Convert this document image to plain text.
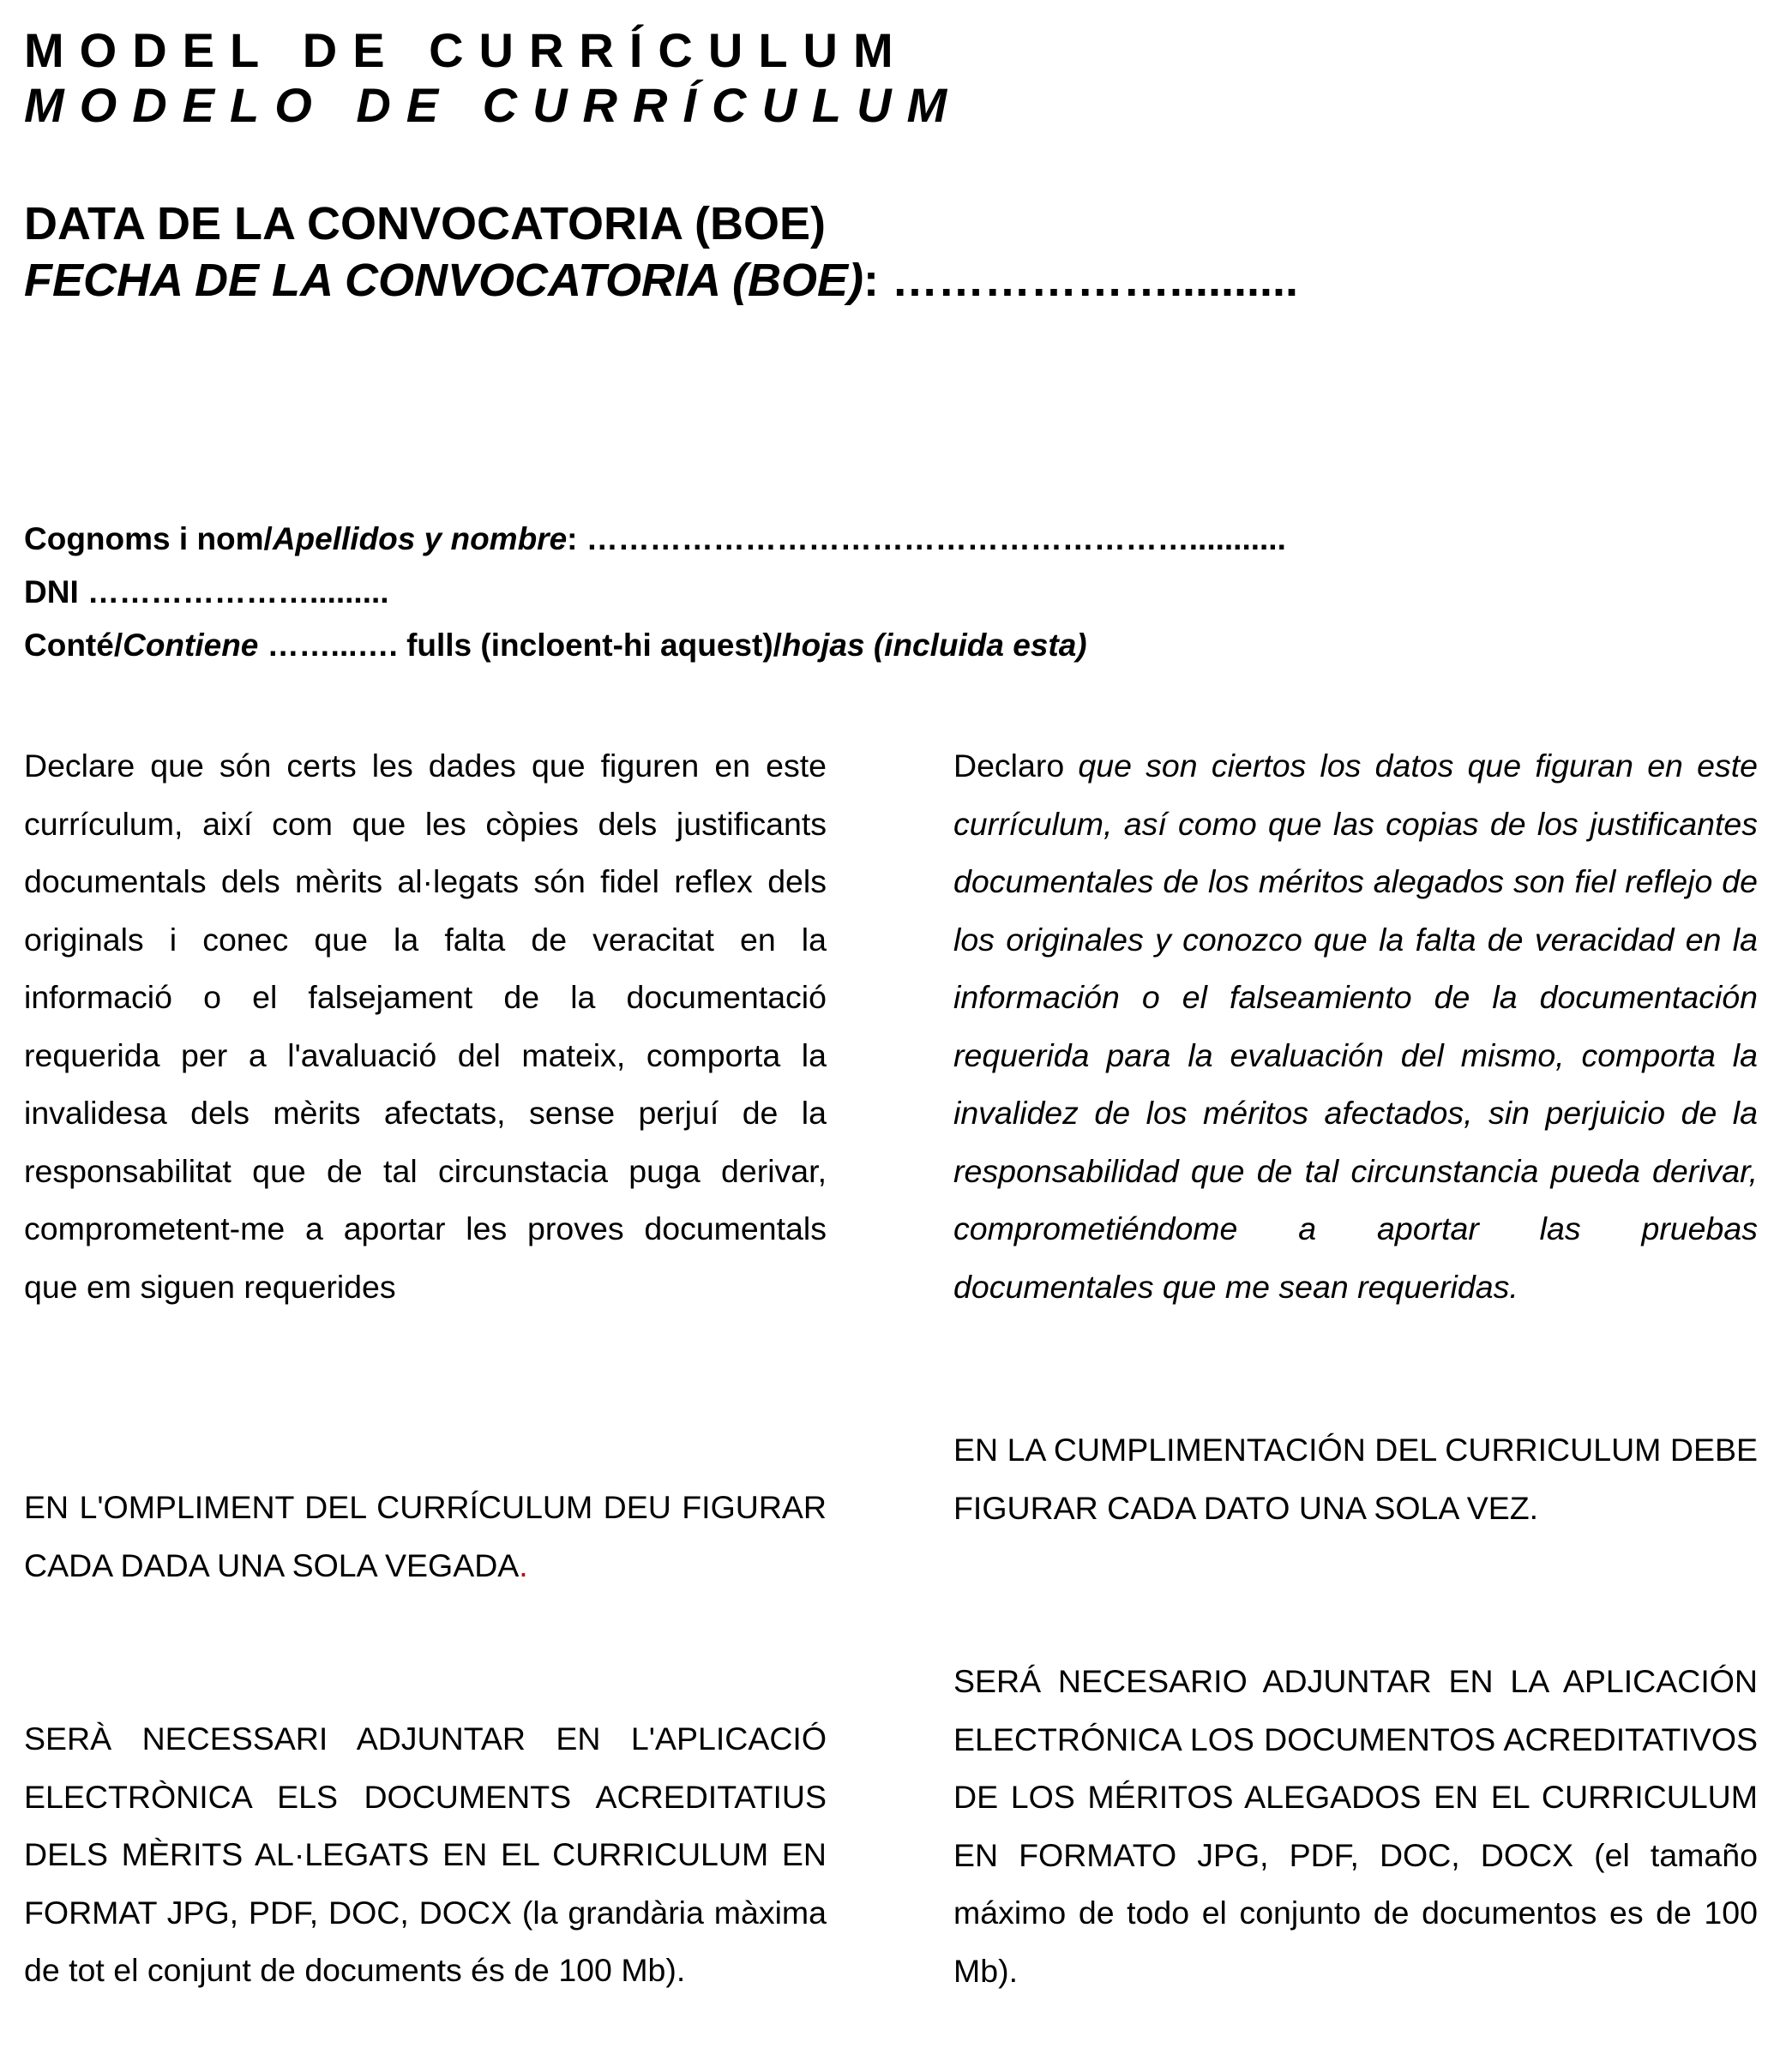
MODEL DE CURRÍCULUM
MODELO DE CURRÍCULUM
DATA DE LA CONVOCATORIA (BOE)
FECHA DE LA CONVOCATORIA (BOE): ………………..........
Cognoms i nom/Apellidos y nombre: …………………………………………………...........
DNI ………………….........
Conté/Contiene ……...…. fulls (incloent-hi aquest)/hojas (incluida esta)

Declare que són certs les dades que figuren en este currículum, així com que les còpies dels justificants documentals dels mèrits al·legats són fidel reflex dels originals i conec que la falta de veracitat en la informació o el falsejament de la documentació requerida per a l'avaluació del mateix, comporta la invalidesa dels mèrits afectats, sense perjuí de la responsabilitat que de tal circunstacia puga derivar, comprometent-me a aportar les proves documentals que em siguen requerides

Declaro que son ciertos los datos que figuran en este currículum, así como que las copias de los justificantes documentales de los méritos alegados son fiel reflejo de los originales y conozco que la falta de veracidad en la información o el falseamiento de la documentación requerida para la evaluación del mismo, comporta la invalidez de los méritos afectados, sin perjuicio de la responsabilidad que de tal circunstancia pueda derivar, comprometiéndome a aportar las pruebas documentales que me sean requeridas.

EN L'OMPLIMENT DEL CURRÍCULUM DEU FIGURAR CADA DADA UNA SOLA VEGADA.

EN LA CUMPLIMENTACIÓN DEL CURRICULUM DEBE FIGURAR CADA DATO UNA SOLA VEZ.

SERÀ NECESSARI ADJUNTAR EN L'APLICACIÓ ELECTRÒNICA ELS DOCUMENTS ACREDITATIUS DELS MÈRITS AL·LEGATS EN EL CURRICULUM EN FORMAT JPG, PDF, DOC, DOCX (la grandària màxima de tot el conjunt de documents és de 100 Mb).

SERÁ NECESARIO ADJUNTAR EN LA APLICACIÓN ELECTRÓNICA LOS DOCUMENTOS ACREDITATIVOS DE LOS MÉRITOS ALEGADOS EN EL CURRICULUM EN FORMATO JPG, PDF, DOC, DOCX (el tamaño máximo de todo el conjunto de documentos es de 100 Mb).
